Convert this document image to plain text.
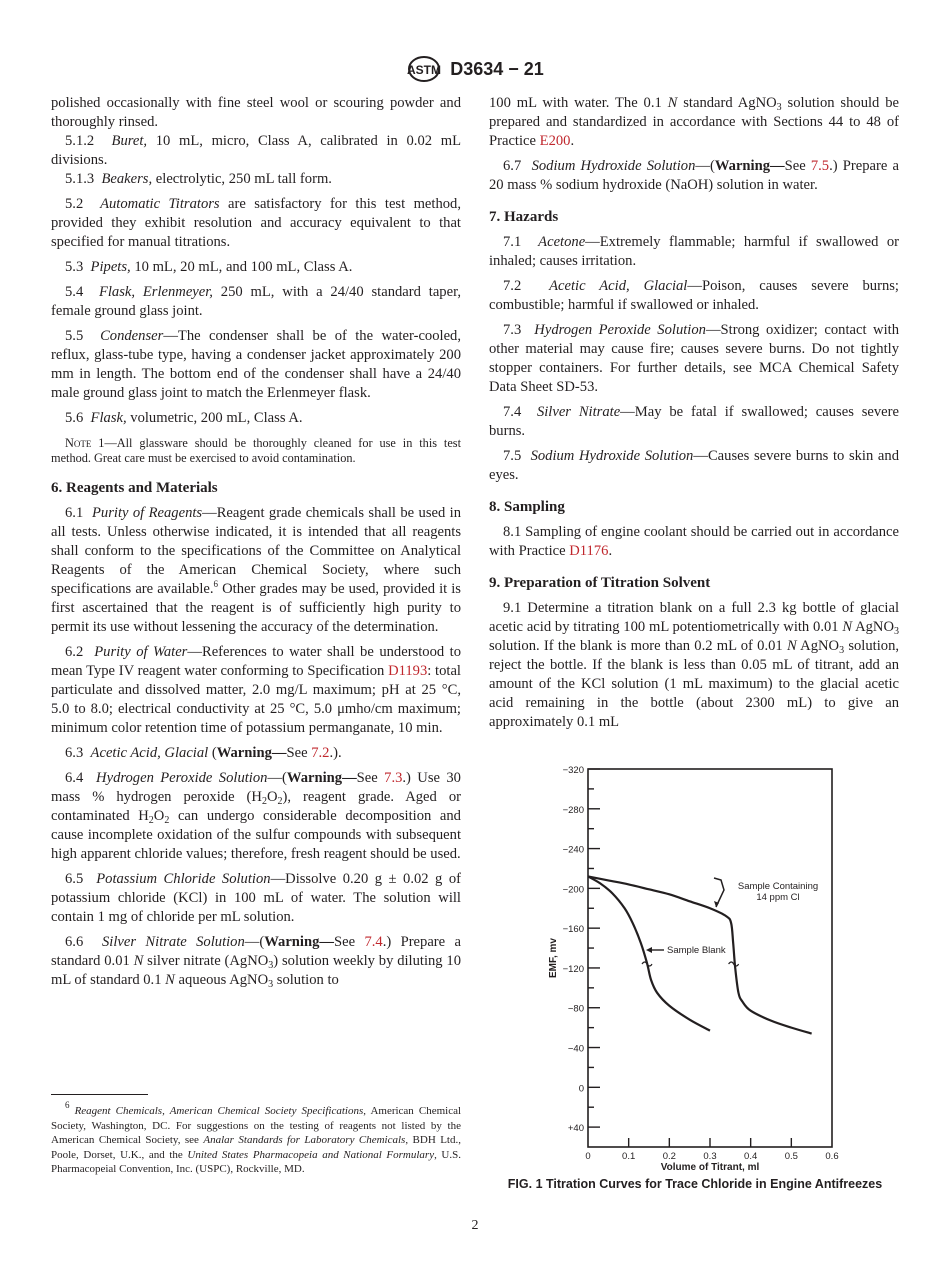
ASTM D3634 − 21

polished occasionally with fine steel wool or scouring powder and thoroughly rinsed.

5.1.2 Buret, 10 mL, micro, Class A, calibrated in 0.02 mL divisions.

5.1.3 Beakers, electrolytic, 250 mL tall form.

5.2 Automatic Titrators are satisfactory for this test method, provided they exhibit resolution and accuracy equivalent to that specified for manual titrations.

5.3 Pipets, 10 mL, 20 mL, and 100 mL, Class A.

5.4 Flask, Erlenmeyer, 250 mL, with a 24/40 standard taper, female ground glass joint.

5.5 Condenser—The condenser shall be of the water-cooled, reflux, glass-tube type, having a condenser jacket approximately 200 mm in length. The bottom end of the condenser shall have a 24/40 male ground glass joint to match the Erlenmeyer flask.

5.6 Flask, volumetric, 200 mL, Class A.

Note 1—All glassware should be thoroughly cleaned for use in this test method. Great care must be exercised to avoid contamination.

6. Reagents and Materials

6.1 Purity of Reagents—Reagent grade chemicals shall be used in all tests. Unless otherwise indicated, it is intended that all reagents shall conform to the specifications of the Committee on Analytical Reagents of the American Chemical Society, where such specifications are available.$^6$ Other grades may be used, provided it is first ascertained that the reagent is of sufficiently high purity to permit its use without lessening the accuracy of the determination.

6.2 Purity of Water—References to water shall be understood to mean Type IV reagent water conforming to Specification D1193: total particulate and dissolved matter, 2.0 mg/L maximum; pH at 25 °C, 5.0 to 8.0; electrical conductivity at 25 °C, 5.0 μmho/cm maximum; minimum color retention time of potassium permanganate, 10 min.

6.3 Acetic Acid, Glacial (Warning—See 7.2.).

6.4 Hydrogen Peroxide Solution—(Warning—See 7.3.) Use 30 mass % hydrogen peroxide $(H_2O_2)$, reagent grade. Aged or contaminated $H_2O_2$ can undergo considerable decomposition and cause incomplete oxidation of the sulfur compounds with subsequent high apparent chloride values; therefore, fresh reagent should be used.

6.5 Potassium Chloride Solution—Dissolve 0.20 g ± 0.02 g of potassium chloride (KCl) in 100 mL of water. The solution will contain 1 mg of chloride per mL solution.

6.6 Silver Nitrate Solution—(Warning—See 7.4.) Prepare a standard 0.01 N silver nitrate (AgNO$_3$) solution weekly by diluting 10 mL of standard 0.1 N aqueous AgNO$_3$ solution to

$^6$ Reagent Chemicals, American Chemical Society Specifications, American Chemical Society, Washington, DC. For suggestions on the testing of reagents not listed by the American Chemical Society, see Analar Standards for Laboratory Chemicals, BDH Ltd., Poole, Dorset, U.K., and the United States Pharmacopeia and National Formulary, U.S. Pharmacopeial Convention, Inc. (USPC), Rockville, MD.

100 mL with water. The 0.1 N standard AgNO$_3$ solution should be prepared and standardized in accordance with Sections 44 to 48 of Practice E200.

6.7 Sodium Hydroxide Solution—(Warning—See 7.5.) Prepare a 20 mass % sodium hydroxide (NaOH) solution in water.

7. Hazards

7.1 Acetone—Extremely flammable; harmful if swallowed or inhaled; causes irritation.

7.2 Acetic Acid, Glacial—Poison, causes severe burns; combustible; harmful if swallowed or inhaled.

7.3 Hydrogen Peroxide Solution—Strong oxidizer; contact with other material may cause fire; causes severe burns. Do not tightly stopper containers. For further details, see MCA Chemical Safety Data Sheet SD-53.

7.4 Silver Nitrate—May be fatal if swallowed; causes severe burns.

7.5 Sodium Hydroxide Solution—Causes severe burns to skin and eyes.

8. Sampling

8.1 Sampling of engine coolant should be carried out in accordance with Practice D1176.

9. Preparation of Titration Solvent

9.1 Determine a titration blank on a full 2.3 kg bottle of glacial acetic acid by titrating 100 mL potentiometrically with 0.01 N AgNO$_3$ solution. If the blank is more than 0.2 mL of 0.01 N AgNO$_3$ solution, reject the bottle. If the blank is less than 0.05 mL of titrant, add an amount of the KCl solution (1 mL maximum) to the glacial acetic acid remaining in the bottle (about 2300 mL) to give an approximately 0.1 mL

−320
−280
−240
−200
−160
−120
−80
−40
0
+40
0	0.1	0.2	0.3	0.4	0.5	0.6
Volume of Titrant, ml
EMF, mv
Sample Containing
14 ppm Cl
Sample Blank
FIG. 1 Titration Curves for Trace Chloride in Engine Antifreezes
2
